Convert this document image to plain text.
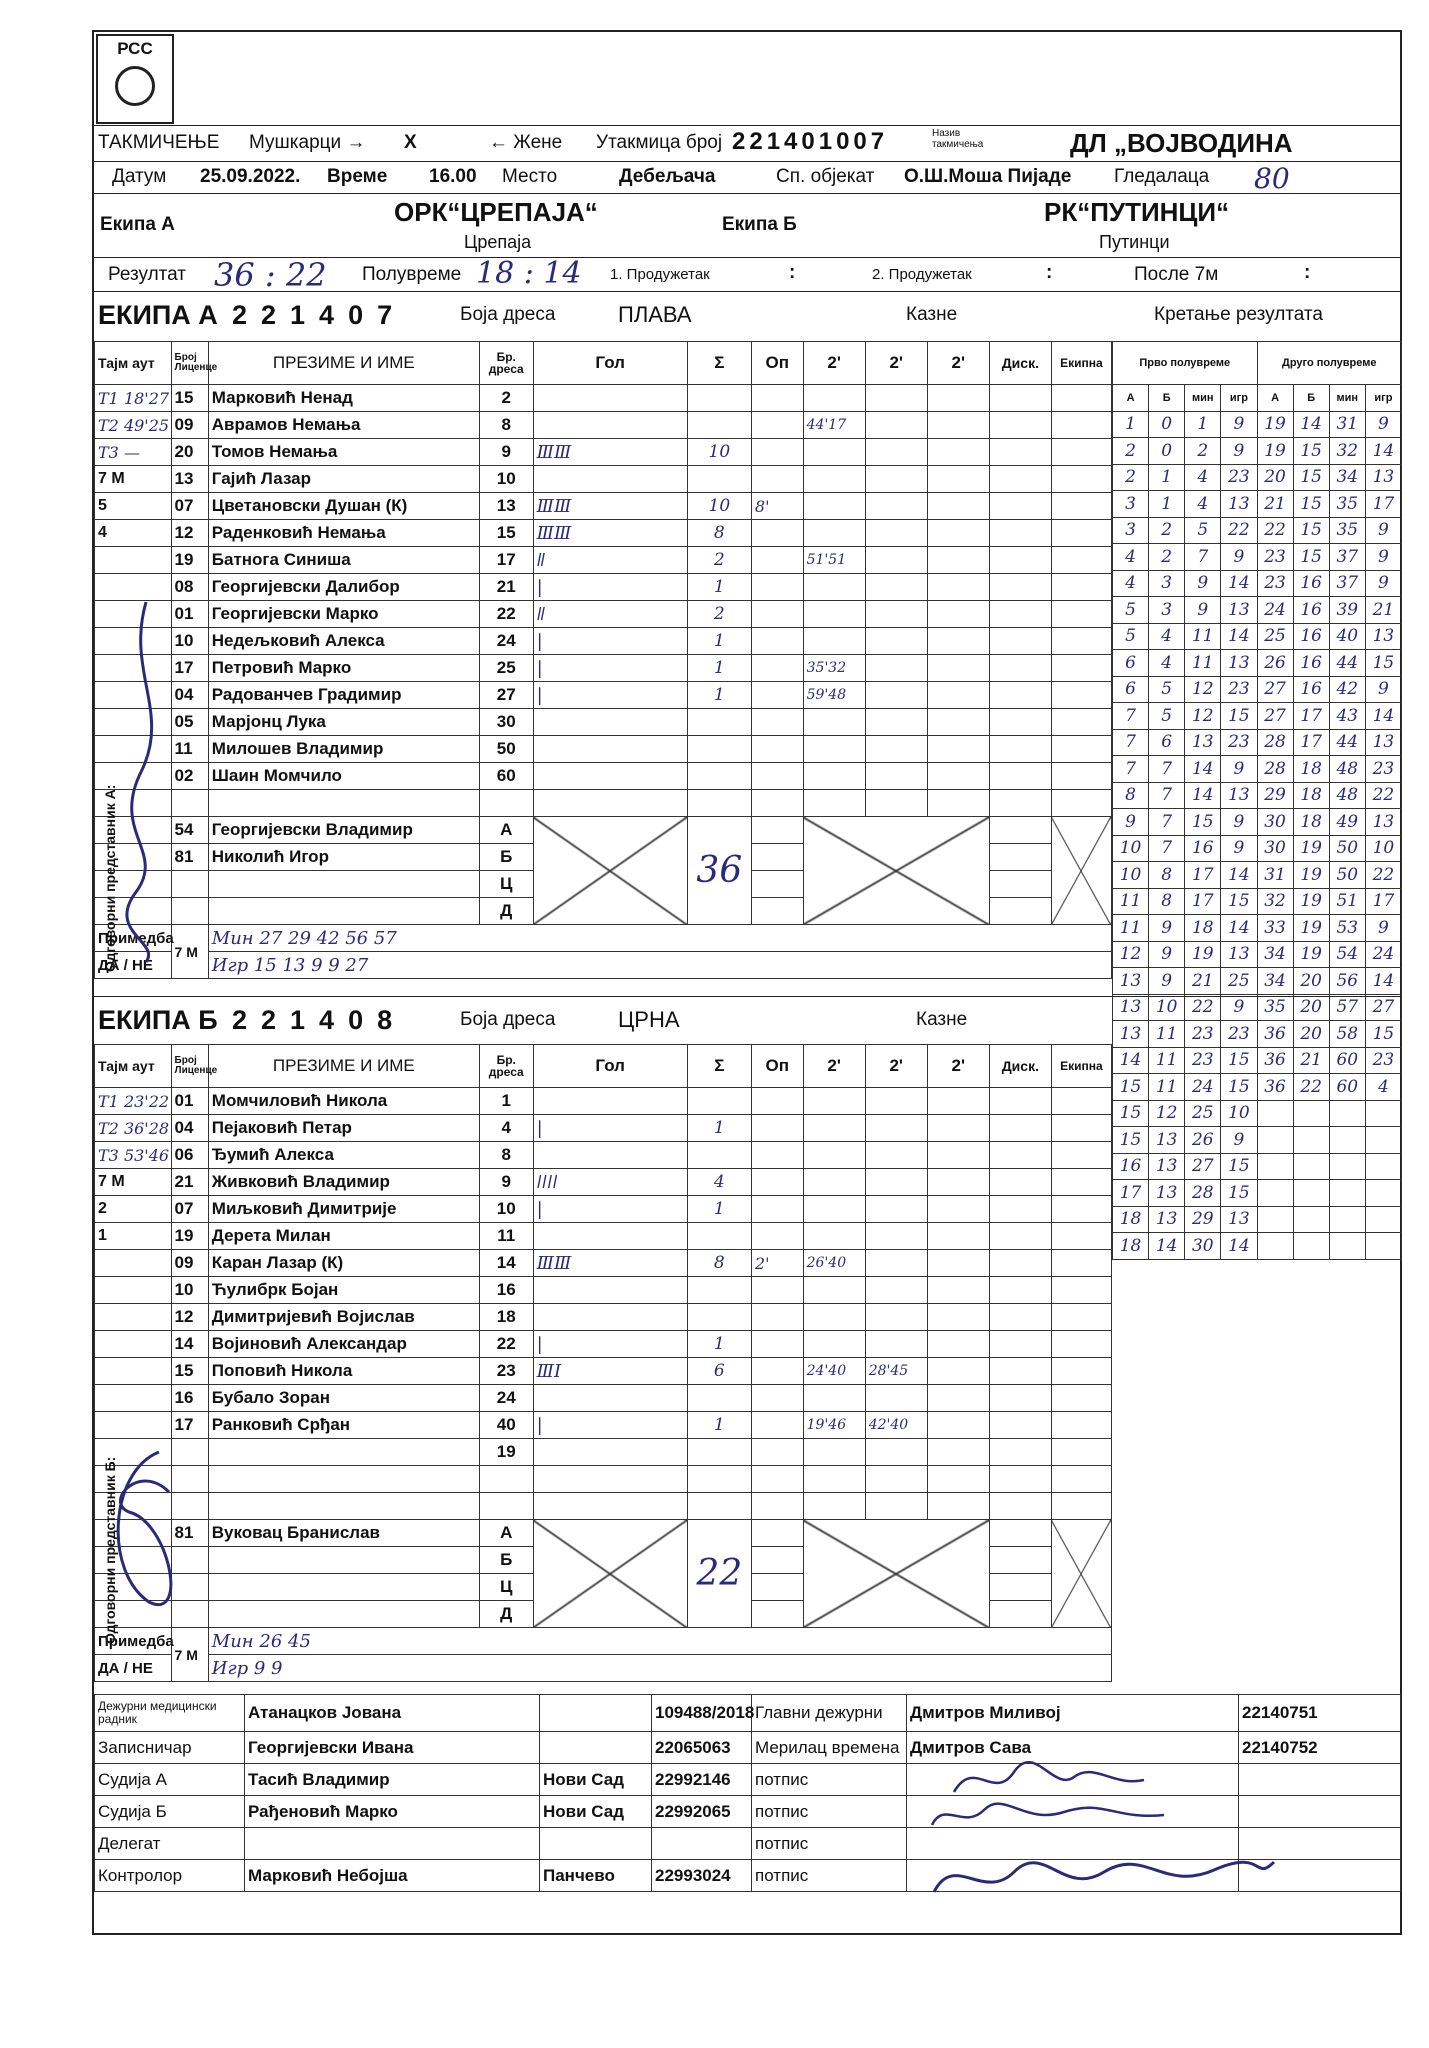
РСС
ТАКМИЧЕЊЕ Мушкарци → X	← Жене Утакмица број 221401007	Назив такмичења	ДЛ „ВОЈВОДИНА
Датум 25.09.2022. Време 16.00 Место	Дебељача	Сп. објекат О.Ш.Моша Пијаде Гледалаца 80
Екипа А	ОРК“ЦРЕПАЈА“
Црепаја
Екипа Б	РК“ПУТИНЦИ“
Путинци
Резултат 36 : 22 Полувреме 18 : 14 1. Продужетак	:	2. Продужетак	:	После 7м	:
ЕКИПА А 221407	Боја дреса	ПЛАВА	Казне	Кретање резултата
Тајм аут	Број Лиценце	ПРЕЗИМЕ И ИМЕ	Бр. дреса	Гол	Σ	Оп	2'	2'	2'	Диск.	Екипна
T1 18'27	15	Марковић Ненад	2								
T2 49'25	09	Аврамов Немања	8				44'17				
T3 —	20	Томов Немања	9	ⅢⅢ	10						
7 М	13	Гајић Лазар	10								
5	07	Цветановски Душан (К)	13	ⅢⅢ	10	8'					
4	12	Раденковић Немања	15	ⅢⅢ	8						
	19	Батнога Синиша	17	ǁ	2		51'51				
	08	Георгијевски Далибор	21	|	1						
	01	Георгијевски Марко	22	ǁ	2						
	10	Недељковић Алекса	24	|	1						
	17	Петровић Марко	25	|	1		35'32				
	04	Радованчев Градимир	27	|	1		59'48				
	05	Марјонц Лука	30								
	11	Милошев Владимир	50								
	02	Шаин Момчило	60								

	54	Георгијевски Владимир	А		36						
	81	Николић Игор	Б								
			Ц								
			Д								
Примедба	7 М	Мин 27 29 42 56 57									
ДА / НЕ		Игр 15 13 9 9 27									
ЕКИПА Б 221408	Боја дреса	ЦРНА	Казне
Тајм аут	Број Лиценце	ПРЕЗИМЕ И ИМЕ	Бр. дреса	Гол	Σ	Оп	2'	2'	2'	Диск.	Екипна
T1 23'22	01	Момчиловић Никола	1								
T2 36'28	04	Пејаковић Петар	4	|	1						
T3 53'46	06	Ђумић Алекса	8								
7 М	21	Живковић Владимир	9	ǀǀǀǀ	4						
2	07	Миљковић Димитрије	10	|	1						
1	19	Дерета Милан	11								
	09	Каран Лазар (К)	14	ⅢⅢ	8	2'	26'40				
	10	Ћулибрк Бојан	16								
	12	Димитријевић Војислав	18								
	14	Војиновић Александар	22	|	1						
	15	Поповић Никола	23	ⅢⅠ	6		24'40	28'45			
	16	Бубало Зоран	24								
	17	Ранковић Срђан	40	|	1		19'46	42'40			
			19								

	81	Вуковац Бранислав	А		22						
			Б								
			Ц								
			Д								
Примедба	7 М	Мин 26 45									
ДА / НЕ		Игр 9 9									
Прво полувреме				Друго полувреме			
А	Б	мин	игр	А	Б	мин	игр
1	0	1	9	19	14	31	9
2	0	2	9	19	15	32	14
2	1	4	23	20	15	34	13
3	1	4	13	21	15	35	17
3	2	5	22	22	15	35	9
4	2	7	9	23	15	37	9
4	3	9	14	23	16	37	9
5	3	9	13	24	16	39	21
5	4	11	14	25	16	40	13
6	4	11	13	26	16	44	15
6	5	12	23	27	16	42	9
7	5	12	15	27	17	43	14
7	6	13	23	28	17	44	13
7	7	14	9	28	18	48	23
8	7	14	13	29	18	48	22
9	7	15	9	30	18	49	13
10	7	16	9	30	19	50	10
10	8	17	14	31	19	50	22
11	8	17	15	32	19	51	17
11	9	18	14	33	19	53	9
12	9	19	13	34	19	54	24
13	9	21	25	34	20	56	14
13	10	22	9	35	20	57	27
13	11	23	23	36	20	58	15
14	11	23	15	36	21	60	23
15	11	24	15	36	22	60	4
15	12	25	10				
15	13	26	9				
16	13	27	15				
17	13	28	15				
18	13	29	13				
18	14	30	14				
Дежурни медицински радник	Атанацков Јована		109488/2018	Главни дежурни	Дмитров Миливој	22140751
Записничар	Георгијевски Ивана		22065063	Мерилац времена	Дмитров Сава	22140752
Судија А	Тасић Владимир	Нови Сад	22992146	потпис		
Судија Б	Рађеновић Марко	Нови Сад	22992065	потпис		
Делегат				потпис		
Контролор	Марковић Небојша	Панчево	22993024	потпис		
Одговорни представник А:
Одговорни представник Б:
